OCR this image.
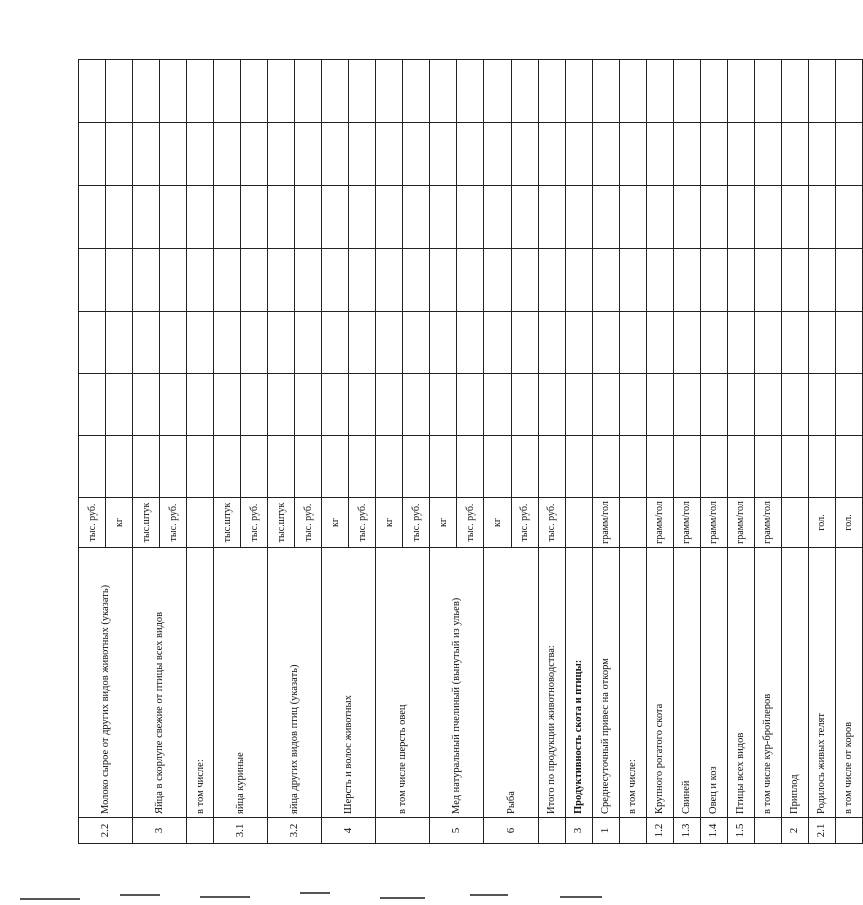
2.2	Молоко сырое от других видов животных (указать)	тыс. руб.							
		кг							
3	Яйца в скорлупе свежие от птицы всех видов	тыс.штук							
		тыс. руб.							
	в том числе:								
3.1	яйца куриные	тыс.штук							
		тыс. руб.							
3.2	яйца других видов птиц (указать)	тыс.штук							
		тыс. руб.							
4	Шерсть и волос животных	кг							
		тыс. руб.							
	в том числе шерсть овец	кг							
		тыс. руб.							
5	Мед натуральный пчелиный (вынутый из ульев)	кг							
		тыс. руб.							
6	Рыба	кг							
		тыс. руб.							
	Итого по продукции животноводства:	тыс. руб.							
3	Продуктивность скота и птицы:								
1	Среднесуточный привес на откорм	грамм/гол							
	в том числе:								
1.2	Крупного рогатого скота	грамм/гол							
1.3	Свиней	грамм/гол							
1.4	Овец и коз	грамм/гол							
1.5	Птицы всех видов	грамм/гол							
	в том числе кур-бройлеров	грамм/гол							
2	Приплод								
2.1	Родилось живых телят	гол.							
	в том числе от коров	гол.							
